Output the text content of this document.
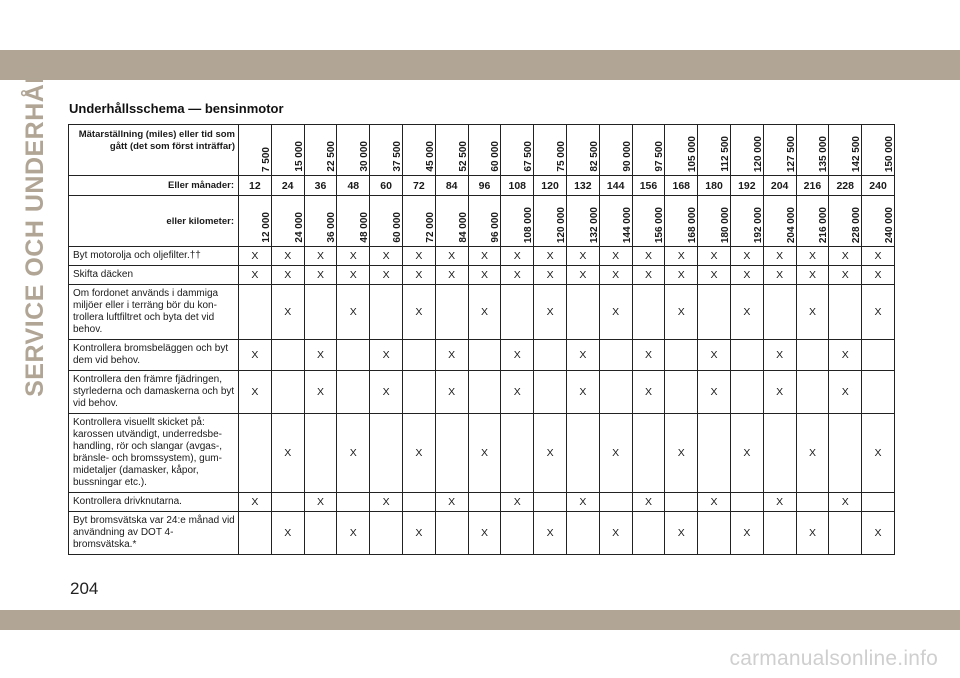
SERVICE OCH UNDERHÅLL Underhållsschema — bensinmotor
Mätarställning (miles) eller tid som gått (det som först inträffar)	7 500	15 000	22 500	30 000	37 500	45 000	52 500	60 000	67 500	75 000	82 500	90 000	97 500	105 000	112 500	120 000	127 500	135 000	142 500	150 000

Eller månader:	12	24	36	48	60	72	84	96	108	120	132	144	156	168	180	192	204	216	228	240
eller kilometer:	12 000	24 000	36 000	48 000	60 000	72 000	84 000	96 000	108 000	120 000	132 000	144 000	156 000	168 000	180 000	192 000	204 000	216 000	228 000	240 000

Byt motorolja och oljefilter.††	X	X	X	X	X	X	X	X	X	X	X	X	X	X	X	X	X	X	X	X
Skifta däcken	X	X	X	X	X	X	X	X	X	X	X	X	X	X	X	X	X	X	X	X
Om fordonet används i dammiga miljöer eller i terräng bör du kontrollera luftfiltret och byta det vid behov.		X		X		X		X		X		X		X		X		X		X
Kontrollera bromsbeläggen och byt dem vid behov.	X		X		X		X		X		X		X		X		X		X	
Kontrollera den främre fjädringen, styrlederna och damaskerna och byt vid behov.	X		X		X		X		X		X		X		X		X		X	
Kontrollera visuellt skicket på: karossen utvändigt, underredsbehandling, rör och slangar (avgas-, bränsle- och bromssystem), gummidetaljer (damasker, kåpor, bussningar etc.).		X		X		X		X		X		X		X		X		X		X
Kontrollera drivknutarna.	X		X		X		X		X		X		X		X		X		X	
Byt bromsvätska var 24:e månad vid användning av DOT 4-bromsvätska.*		X		X		X		X		X		X		X		X		X		X
204
carmanualsonline.info
